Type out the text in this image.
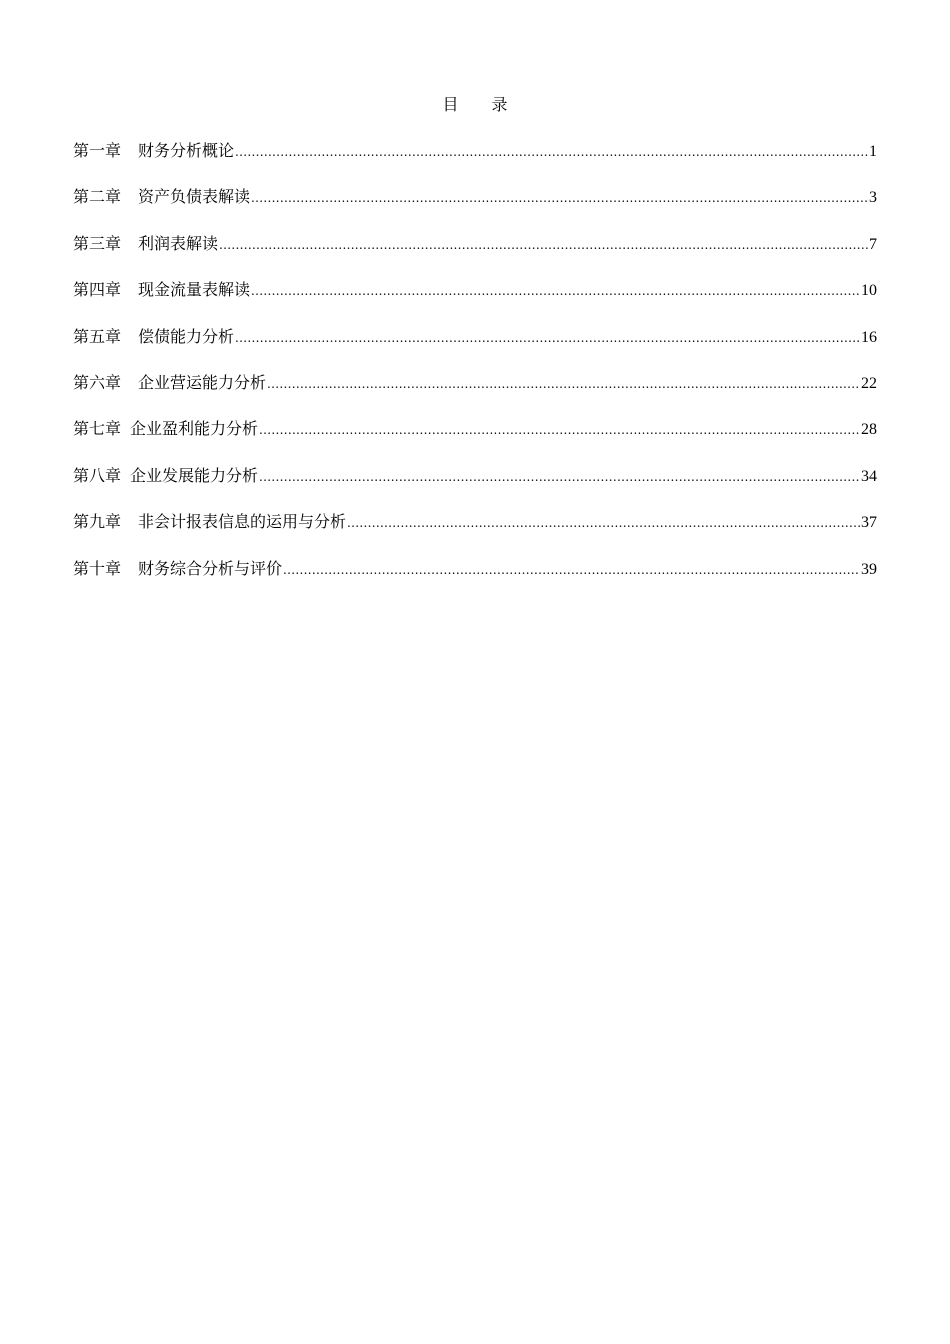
目 录
第一章 财务分析概论 .....	1
第二章 资产负债表解读 .....	3
第三章 利润表解读 .....	7
第四章 现金流量表解读 .....	10
第五章 偿债能力分析 .....	16
第六章 企业营运能力分析 .....	22
第七章 企业盈利能力分析 .....	28
第八章 企业发展能力分析 .....	34
第九章 非会计报表信息的运用与分析 .....	37
第十章 财务综合分析与评价 .....	39
